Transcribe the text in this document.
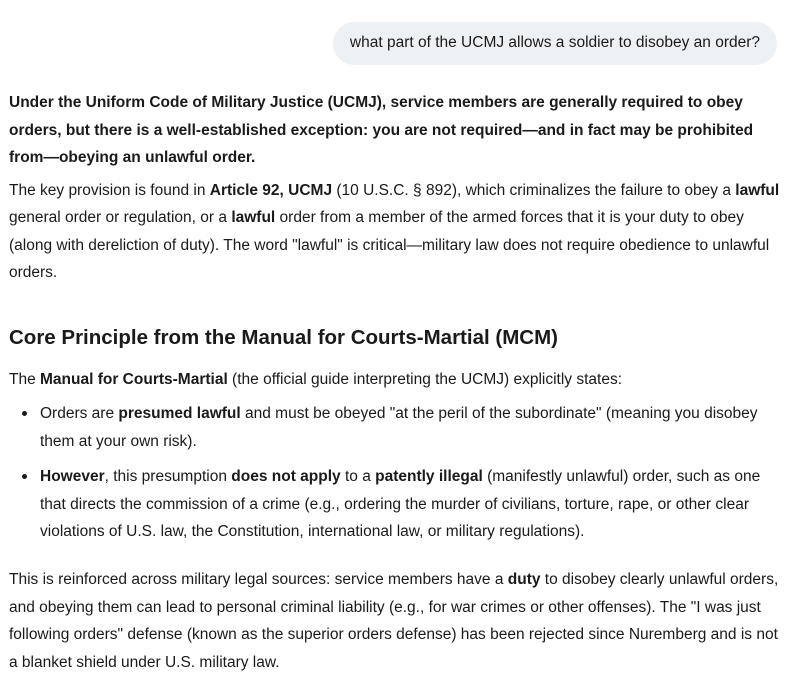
what part of the UCMJ allows a soldier to disobey an order?

Under the Uniform Code of Military Justice (UCMJ), service members are generally required to obey orders, but there is a well-established exception: you are not required—and in fact may be prohibited from—obeying an unlawful order.

The key provision is found in Article 92, UCMJ (10 U.S.C. § 892), which criminalizes the failure to obey a lawful general order or regulation, or a lawful order from a member of the armed forces that it is your duty to obey (along with dereliction of duty). The word "lawful" is critical—military law does not require obedience to unlawful orders.

Core Principle from the Manual for Courts-Martial (MCM)

The Manual for Courts-Martial (the official guide interpreting the UCMJ) explicitly states:

Orders are presumed lawful and must be obeyed "at the peril of the subordinate" (meaning you disobey them at your own risk).
However, this presumption does not apply to a patently illegal (manifestly unlawful) order, such as one that directs the commission of a crime (e.g., ordering the murder of civilians, torture, rape, or other clear violations of U.S. law, the Constitution, international law, or military regulations).

This is reinforced across military legal sources: service members have a duty to disobey clearly unlawful orders, and obeying them can lead to personal criminal liability (e.g., for war crimes or other offenses). The "I was just following orders" defense (known as the superior orders defense) has been rejected since Nuremberg and is not a blanket shield under U.S. military law.
